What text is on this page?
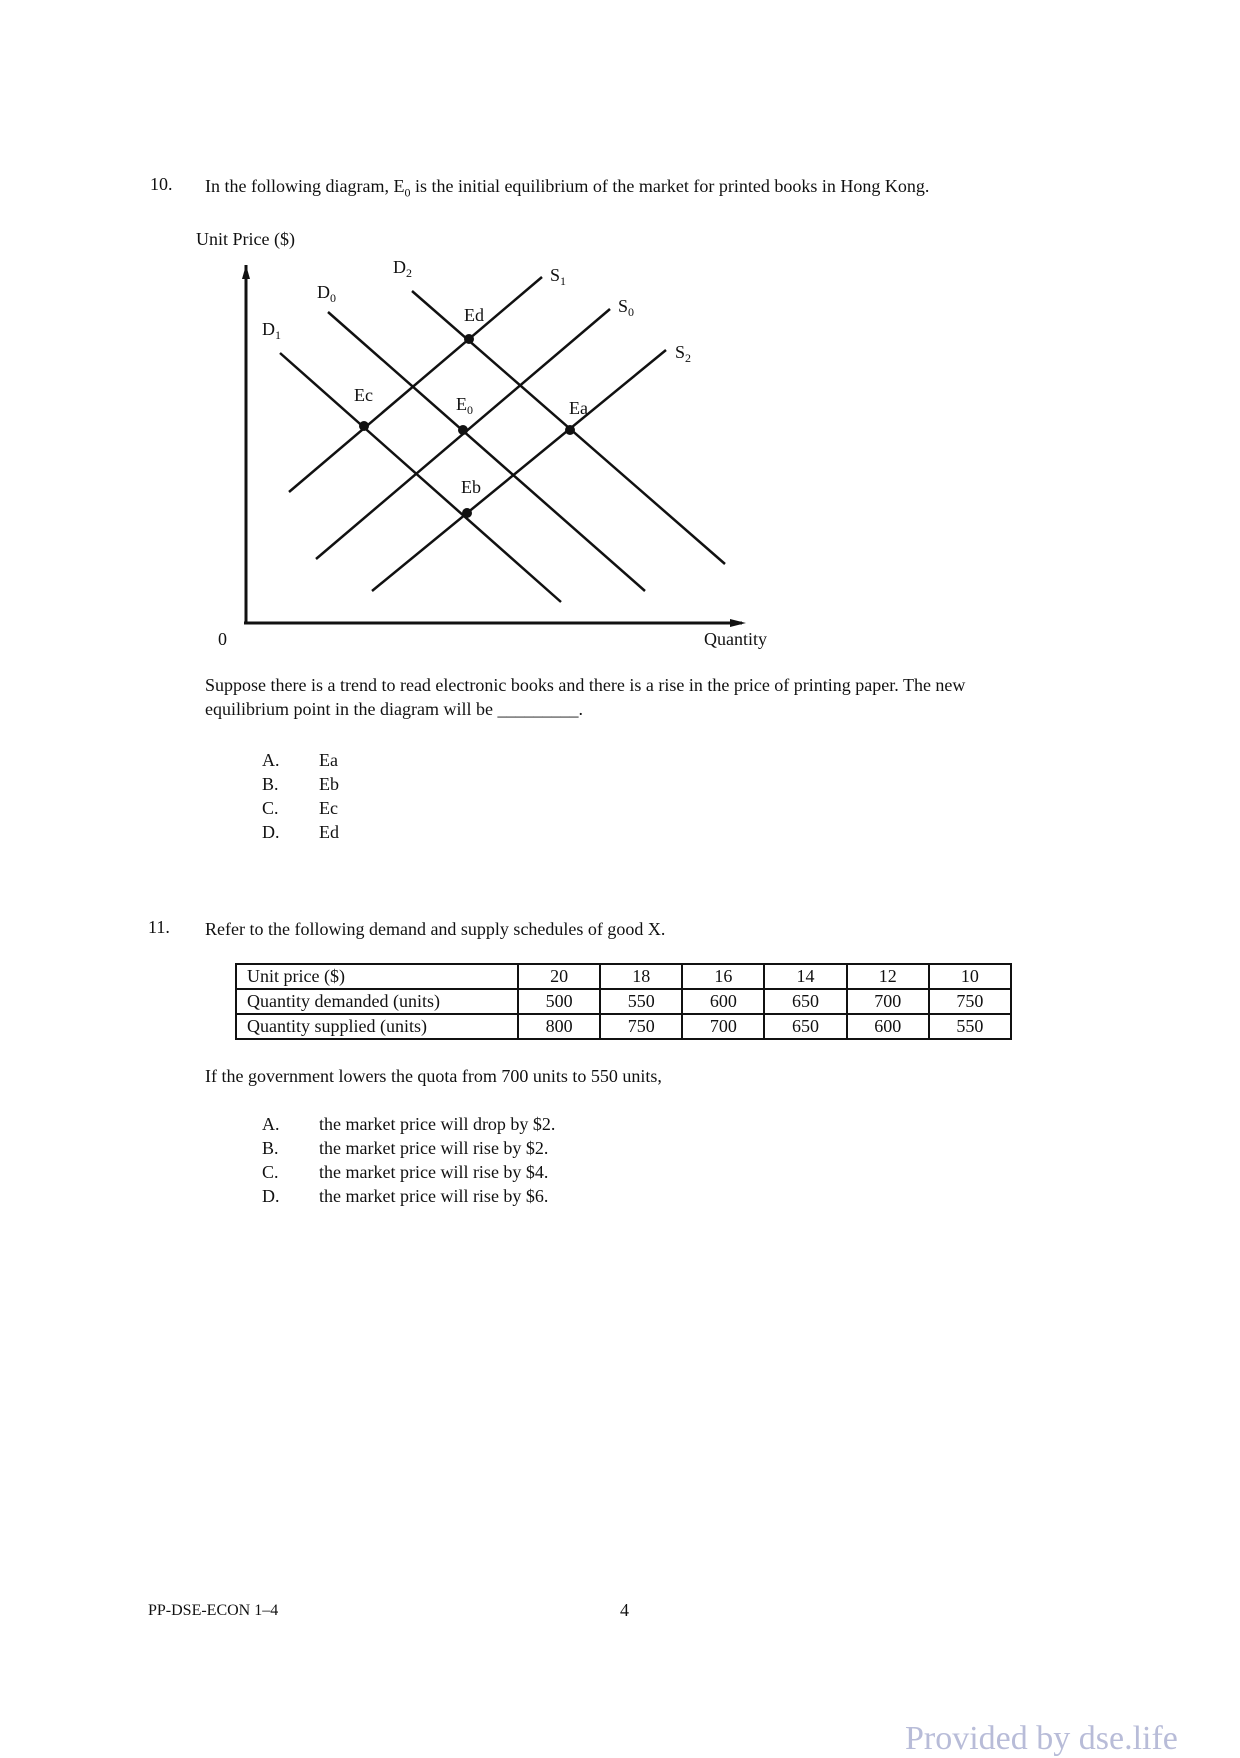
10. In the following diagram, $E_0$ is the initial equilibrium of the market for printed books in Hong Kong.
Unit Price ($)
Quantity
0
$D_2$
$D_0$
$D_1$
$S_1$
$S_0$
$S_2$
Ed
Ec	$E_0$	Ea
Eb
Suppose there is a trend to read electronic books and there is a rise in the price of printing paper. The new
equilibrium point in the diagram will be _________.
A.	Ea
B.	Eb
C.	Ec
D.	Ed
11. Refer to the following demand and supply schedules of good X.
Unit price ($)	20	18	16	14	12	10
Quantity demanded (units)	500	550	600	650	700	750
Quantity supplied (units)	800	750	700	650	600	550
If the government lowers the quota from 700 units to 550 units,
A.	the market price will drop by $2.
B.	the market price will rise by $2.
C.	the market price will rise by $4.
D.	the market price will rise by $6.
PP-DSE-ECON 1–4	4
Provided by dse.life
